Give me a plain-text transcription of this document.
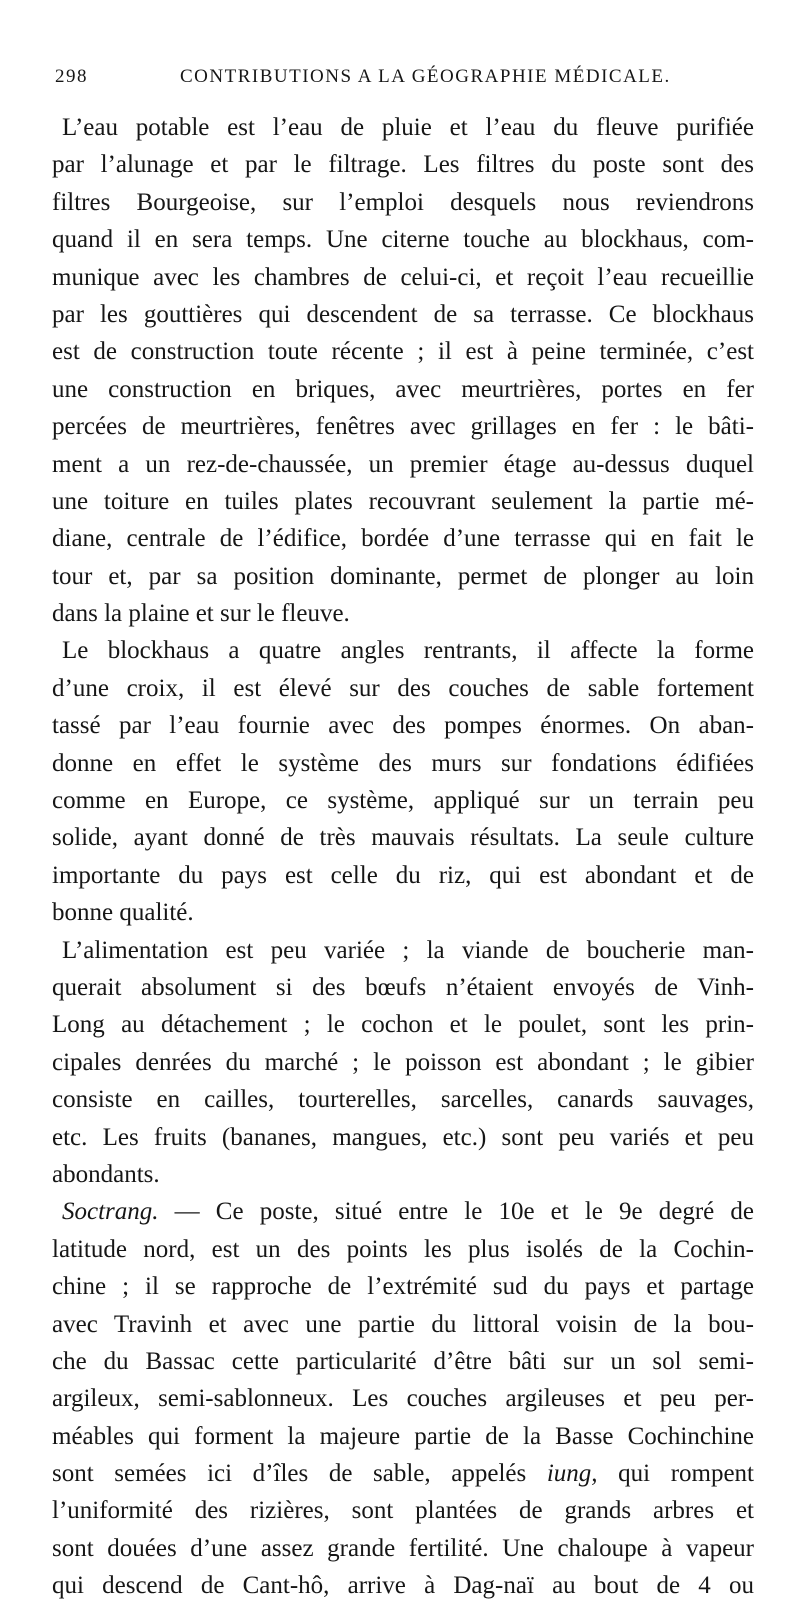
298	CONTRIBUTIONS A LA GÉOGRAPHIE MÉDICALE.
L’eau potable est l’eau de pluie et l’eau du fleuve purifiée
par l’alunage et par le filtrage. Les filtres du poste sont des
filtres Bourgeoise, sur l’emploi desquels nous reviendrons
quand il en sera temps. Une citerne touche au blockhaus, com-
munique avec les chambres de celui-ci, et reçoit l’eau recueillie
par les gouttières qui descendent de sa terrasse. Ce blockhaus
est de construction toute récente ; il est à peine terminée, c’est
une construction en briques, avec meurtrières, portes en fer
percées de meurtrières, fenêtres avec grillages en fer : le bâti-
ment a un rez-de-chaussée, un premier étage au-dessus duquel
une toiture en tuiles plates recouvrant seulement la partie mé-
diane, centrale de l’édifice, bordée d’une terrasse qui en fait le
tour et, par sa position dominante, permet de plonger au loin
dans la plaine et sur le fleuve.
Le blockhaus a quatre angles rentrants, il affecte la forme
d’une croix, il est élevé sur des couches de sable fortement
tassé par l’eau fournie avec des pompes énormes. On aban-
donne en effet le système des murs sur fondations édifiées
comme en Europe, ce système, appliqué sur un terrain peu
solide, ayant donné de très mauvais résultats. La seule culture
importante du pays est celle du riz, qui est abondant et de
bonne qualité.
L’alimentation est peu variée ; la viande de boucherie man-
querait absolument si des bœufs n’étaient envoyés de Vinh-
Long au détachement ; le cochon et le poulet, sont les prin-
cipales denrées du marché ; le poisson est abondant ; le gibier
consiste en cailles, tourterelles, sarcelles, canards sauvages,
etc. Les fruits (bananes, mangues, etc.) sont peu variés et peu
abondants.
Soctrang. — Ce poste, situé entre le 10e et le 9e degré de
latitude nord, est un des points les plus isolés de la Cochin-
chine ; il se rapproche de l’extrémité sud du pays et partage
avec Travinh et avec une partie du littoral voisin de la bou-
che du Bassac cette particularité d’être bâti sur un sol semi-
argileux, semi-sablonneux. Les couches argileuses et peu per-
méables qui forment la majeure partie de la Basse Cochinchine
sont semées ici d’îles de sable, appelés iung, qui rompent
l’uniformité des rizières, sont plantées de grands arbres et
sont douées d’une assez grande fertilité. Une chaloupe à vapeur
qui descend de Cant-hô, arrive à Dag-naï au bout de 4 ou
